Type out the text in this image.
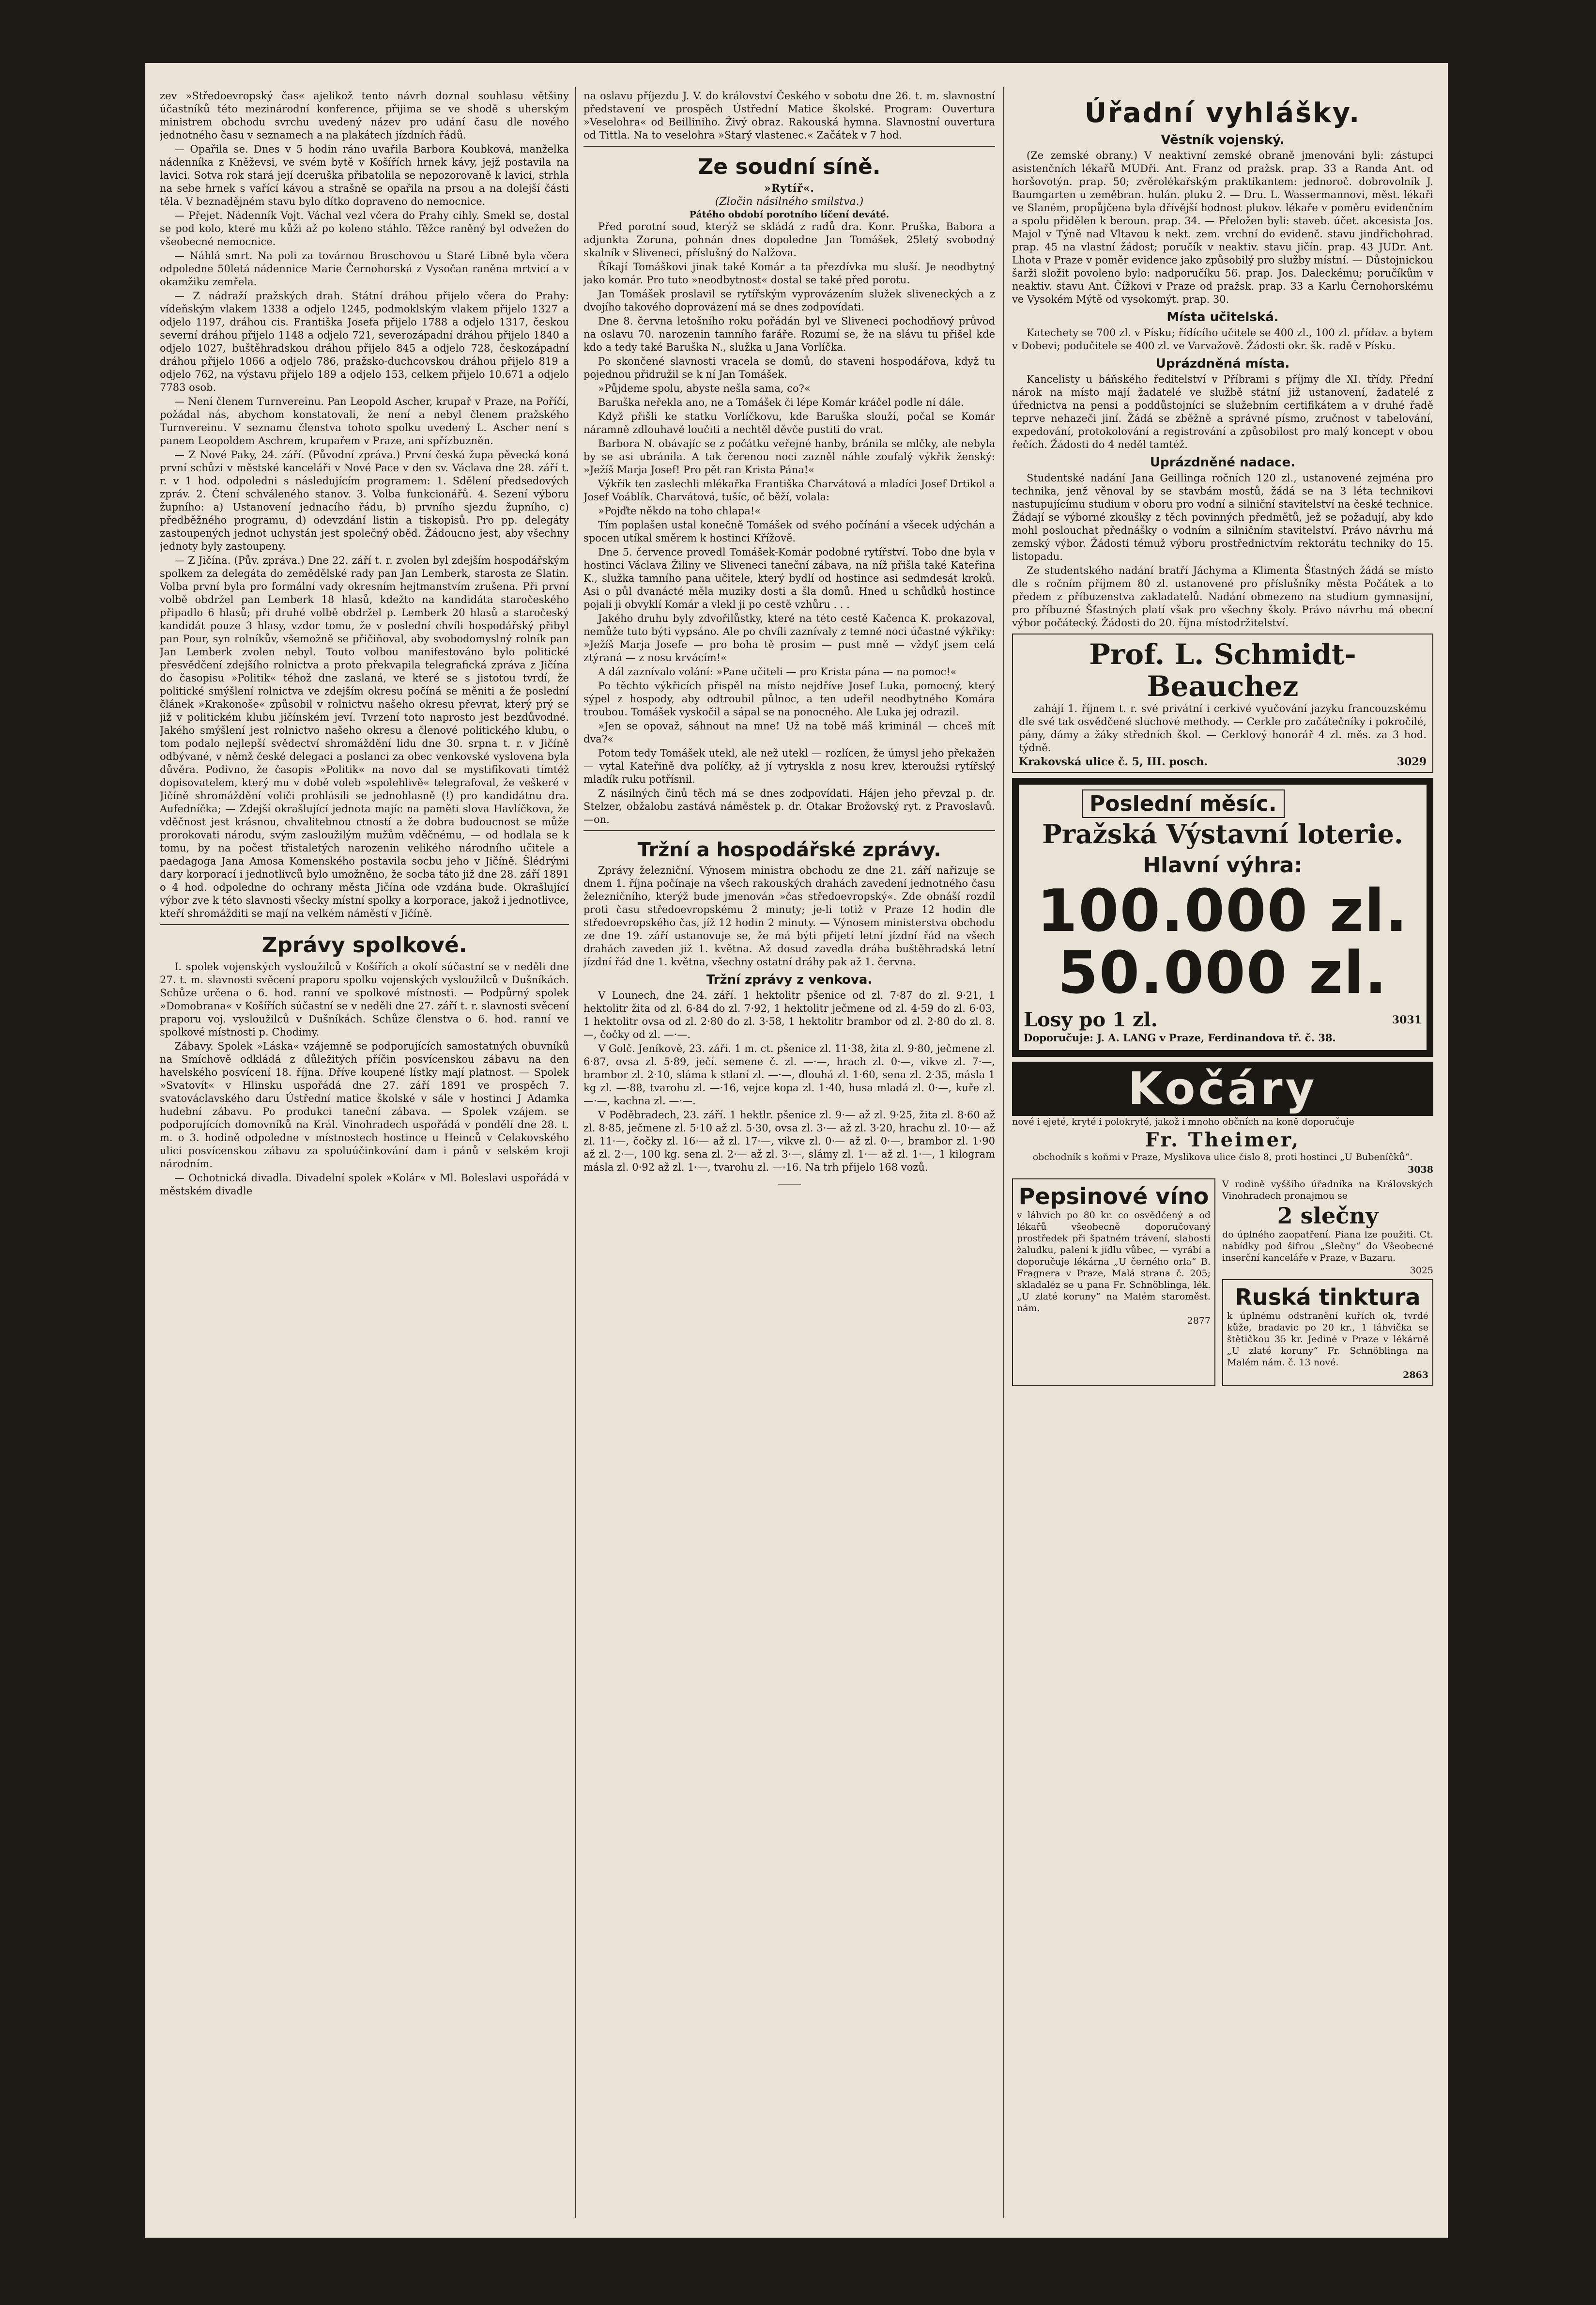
zev »Středoevropský čas« ajelikož tento návrh doznal souhlasu většiny účastníků této mezinárodní konference, přijima se ve shodě s uherským ministrem obchodu svrchu uvedený název pro udání času dle nového jednotného času v seznamech a na plakátech jízdních řádů.

— Opařila se. Dnes v 5 hodin ráno uvařila Barbora Koubková, manželka nádenníka z Kněževsi, ve svém bytě v Košířích hrnek kávy, jejž postavila na lavici. Sotva rok stará její dceruška přibatolila se nepozorovaně k lavici, strhla na sebe hrnek s vařící kávou a strašně se opařila na prsou a na dolejší části těla. V beznadějném stavu bylo dítko dopraveno do nemocnice.

— Přejet. Nádenník Vojt. Váchal vezl včera do Prahy cihly. Smekl se, dostal se pod kolo, které mu kůži až po koleno stáhlo. Těžce raněný byl odvežen do všeobecné nemocnice.

— Náhlá smrt. Na poli za továrnou Broschovou u Staré Libně byla včera odpoledne 50letá nádennice Marie Černohorská z Vysočan raněna mrtvicí a v okamžiku zemřela.

— Z nádraží pražských drah. Státní dráhou přijelo včera do Prahy: vídeňským vlakem 1338 a odjelo 1245, podmoklským vlakem přijelo 1327 a odjelo 1197, dráhou cis. Františka Josefa přijelo 1788 a odjelo 1317, českou severní dráhou přijelo 1148 a odjelo 721, severozápadní dráhou přijelo 1840 a odjelo 1027, buštěhradskou dráhou přijelo 845 a odjelo 728, českozápadní dráhou přijelo 1066 a odjelo 786, pražsko-duchcovskou dráhou přijelo 819 a odjelo 762, na výstavu přijelo 189 a odjelo 153, celkem přijelo 10.671 a odjelo 7783 osob.

— Není členem Turnvereinu. Pan Leopold Ascher, krupař v Praze, na Poříčí, požádal nás, abychom konstatovali, že není a nebyl členem pražského Turnvereinu. V seznamu členstva tohoto spolku uvedený L. Ascher není s panem Leopoldem Aschrem, krupařem v Praze, ani spřízbuzněn.

— Z Nové Paky, 24. září. (Původní zpráva.) První česká župa pěvecká koná první schůzi v městské kanceláři v Nové Pace v den sv. Václava dne 28. září t. r. v 1 hod. odpoledni s následujícím programem: 1. Sdělení předsedových zpráv. 2. Čtení schváleného stanov. 3. Volba funkcionářů. 4. Sezení výboru župního: a) Ustanovení jednacího řádu, b) prvního sjezdu župního, c) předběžného programu, d) odevzdání listin a tiskopisů. Pro pp. delegáty zastoupených jednot uchystán jest společný oběd. Žádoucno jest, aby všechny jednoty byly zastoupeny.

— Z Jičína. (Pův. zpráva.) Dne 22. září t. r. zvolen byl zdejším hospodářským spolkem za delegáta do zemědělské rady pan Jan Lemberk, starosta ze Slatin. Volba první byla pro formální vady okresním hejtmanstvím zrušena. Při první volbě obdržel pan Lemberk 18 hlasů, kdežto na kandidáta staročeského připadlo 6 hlasů; při druhé volbě obdržel p. Lemberk 20 hlasů a staročeský kandidát pouze 3 hlasy, vzdor tomu, že v poslední chvíli hospodářský přibyl pan Pour, syn rolníkův, všemožně se přičiňoval, aby svobodomyslný rolník pan Jan Lemberk zvolen nebyl. Touto volbou manifestováno bylo politické přesvědčení zdejšího rolnictva a proto překvapila telegrafická zpráva z Jičína do časopisu »Politik« téhož dne zaslaná, ve které se s jistotou tvrdí, že politické smýšlení rolnictva ve zdejším okresu počíná se měniti a že poslední článek »Krakonoše« způsobil v rolnictvu našeho okresu převrat, který prý se již v politickém klubu jičínském jeví. Tvrzení toto naprosto jest bezdůvodné. Jakého smýšlení jest rolnictvo našeho okresu a členové politického klubu, o tom podalo nejlepší svědectví shromáždění lidu dne 30. srpna t. r. v Jičíně odbývané, v němž české delegaci a poslanci za obec venkovské vyslovena byla důvěra. Podivno, že časopis »Politik« na novo dal se mystifikovati tímtéž dopisovatelem, který mu v době voleb »spolehlivě« telegrafoval, že veškeré v Jičíně shromáždění voliči prohlásili se jednohlasně (!) pro kandidátnu dra. Aufedníčka; — Zdejší okrašlující jednota majíc na paměti slova Havlíčkova, že vděčnost jest krásnou, chvalitebnou ctností a že dobra budoucnost se může prorokovati národu, svým zasloužilým mužům vděčnému, — od hodlala se k tomu, by na počest třistaletých narozenin velikého národního učitele a paedagoga Jana Amosa Komenského postavila socbu jeho v Jičíně. Šlédrými dary korporací i jednotlivců bylo umožněno, že socba táto již dne 28. září 1891 o 4 hod. odpoledne do ochrany města Jičína ode vzdána bude. Okrašlující výbor zve k této slavnosti všecky místní spolky a korporace, jakož i jednotlivce, kteří shromážditi se mají na velkém náměstí v Jičíně.

Zprávy spolkové.

I. spolek vojenských vysloužilců v Košířích a okolí súčastní se v neděli dne 27. t. m. slavnosti svěcení praporu spolku vojenských vysloužilců v Dušníkách. Schůze určena o 6. hod. ranní ve spolkové místnosti. — Podpůrný spolek »Domobrana« v Košířích súčastní se v neděli dne 27. září t. r. slavnosti svěcení praporu voj. vysloužilců v Dušníkách. Schůze členstva o 6. hod. ranní ve spolkové místnosti p. Chodimy.

Zábavy. Spolek »Láska« vzájemně se podporujících samostatných obuvníků na Smíchově odkládá z důležitých příčin posvícenskou zábavu na den havelského posvícení 18. října. Dříve koupené lístky mají platnost. — Spolek »Svatovít« v Hlinsku uspořádá dne 27. září 1891 ve prospěch 7. svatováclavského daru Ústřední matice školské v sále v hostinci J Adamka hudební zábavu. Po produkci taneční zábava. — Spolek vzájem. se podporujících domovníků na Král. Vinohradech uspořádá v pondělí dne 28. t. m. o 3. hodině odpoledne v místnostech hostince u Heinců v Celakovského ulici posvícenskou zábavu za spoluúčinkování dam i pánů v selském kroji národním.

— Ochotnická divadla. Divadelní spolek »Kolár« v Ml. Boleslavi uspořádá v městském divadle

na oslavu příjezdu J. V. do království Českého v sobotu dne 26. t. m. slavnostní představení ve prospěch Ústřední Matice školské. Program: Ouvertura »Veselohra« od Beilliniho. Živý obraz. Rakouská hymna. Slavnostní ouvertura od Tittla. Na to veselohra »Starý vlastenec.« Začátek v 7 hod.

Ze soudní síně.
»Rytíř«.
(Zločin násilného smilstva.)
Pátého období porotního líčení deváté.

Před porotní soud, kterýž se skládá z radů dra. Konr. Pruška, Babora a adjunkta Zoruna, pohnán dnes dopoledne Jan Tomášek, 25letý svobodný skalník v Sliveneci, příslušný do Nalžova.

Říkají Tomáškovi jinak také Komár a ta přezdívka mu sluší. Je neodbytný jako komár. Pro tuto »neodbytnost« dostal se také před porotu.

Jan Tomášek proslavil se rytířským vyprovázením služek sliveneckých a z dvojího takového doprovázení má se dnes zodpovídati.

Dne 8. června letošního roku pořádán byl ve Sliveneci pochodňový průvod na oslavu 70. narozenin tamního faráře. Rozumí se, že na slávu tu přišel kde kdo a tedy také Baruška N., služka u Jana Vorlíčka.

Po skončené slavnosti vracela se domů, do staveni hospodářova, když tu pojednou přidružil se k ní Jan Tomášek.

»Půjdeme spolu, abyste nešla sama, co?«

Baruška neřekla ano, ne a Tomášek či lépe Komár kráčel podle ní dále.

Když přišli ke statku Vorlíčkovu, kde Baruška slouží, počal se Komár náramně zdlouhavě loučiti a nechtěl děvče pustiti do vrat.

Barbora N. obávajíc se z počátku veřejné hanby, bránila se mlčky, ale nebyla by se asi ubránila. A tak čerenou noci zazněl náhle zoufalý výkřik ženský: »Ježíš Marja Josef! Pro pět ran Krista Pána!«

Výkřik ten zaslechli mlékařka Františka Charvátová a mladíci Josef Drtikol a Josef Voáblík. Charvátová, tušíc, oč běží, volala:

»Pojďte někdo na toho chlapa!«

Tím poplašen ustal konečně Tomášek od svého počínání a všecek udýchán a spocen utíkal směrem k hostinci Křížově.

Dne 5. července provedl Tomášek-Komár podobné rytířství. Tobo dne byla v hostinci Václava Žiliny ve Sliveneci taneční zábava, na níž přišla také Kateřina K., služka tamního pana učitele, který bydlí od hostince asi sedmdesát kroků. Asi o půl dvanácté měla muziky dosti a šla domů. Hned u schůdků hostince pojali ji obvyklí Komár a vlekl ji po cestě vzhůru . . .

Jakého druhu byly zdvořilůstky, které na této cestě Kačenca K. prokazoval, nemůže tuto býti vypsáno. Ale po chvíli zaznívaly z temné noci účastné výkřiky: »Ježíš Marja Josefe — pro boha tě prosim — pust mně — vždyť jsem celá ztýraná — z nosu krvácím!«

A dál zaznívalo volání: »Pane učiteli — pro Krista pána — na pomoc!«

Po těchto výkřicích přispěl na místo nejdříve Josef Luka, pomocný, který sýpel z hospody, aby odtroubil půlnoc, a ten udeřil neodbytného Komára troubou. Tomášek vyskočil a sápal se na ponocného. Ale Luka jej odrazil.

»Jen se opovaž, sáhnout na mne! Už na tobě máš kriminál — chceš mít dva?«

Potom tedy Tomášek utekl, ale než utekl — rozlícen, že úmysl jeho překažen — vytal Kateřině dva políčky, až jí vytryskla z nosu krev, kteroužsi rytířský mladík ruku potřísnil.

Z násilných činů těch má se dnes zodpovídati. Hájen jeho převzal p. dr. Stelzer, obžalobu zastává náměstek p. dr. Otakar Brožovský ryt. z Pravoslavů. —on.

Tržní a hospodářské zprávy.

Zprávy železniční. Výnosem ministra obchodu ze dne 21. září nařizuje se dnem 1. října počínaje na všech rakouských drahách zavedení jednotného času železničního, kterýž bude jmenován »čas středoevropský«. Zde obnáší rozdíl proti času středoevropskému 2 minuty; je-li totiž v Praze 12 hodin dle středoevropského čas, jíž 12 hodin 2 minuty. — Výnosem ministerstva obchodu ze dne 19. září ustanovuje se, že má býti přijetí letní jízdní řád na všech drahách zaveden již 1. května. Až dosud zavedla dráha buštěhradská letní jízdní řád dne 1. května, všechny ostatní dráhy pak až 1. června.

Tržní zprávy z venkova.

V Lounech, dne 24. září. 1 hektolitr pšenice od zl. 7·87 do zl. 9·21, 1 hektolitr žita od zl. 6·84 do zl. 7·92, 1 hektolitr ječmene od zl. 4·59 do zl. 6·03, 1 hektolitr ovsa od zl. 2·80 do zl. 3·58, 1 hektolitr brambor od zl. 2·80 do zl. 8.—, čočky od zl. —·—.

V Golč. Jeníkově, 23. září. 1 m. ct. pšenice zl. 11·38, žita zl. 9·80, ječmene zl. 6·87, ovsa zl. 5·89, ječí. semene č. zl. —·—, hrach zl. 0·—, vikve zl. 7·—, brambor zl. 2·10, sláma k stlaní zl. —·—, dlouhá zl. 1·60, sena zl. 2·35, másla 1 kg zl. —·88, tvarohu zl. —·16, vejce kopa zl. 1·40, husa mladá zl. 0·—, kuře zl. —·—, kachna zl. —·—.

V Poděbradech, 23. září. 1 hektlr. pšenice zl. 9·— až zl. 9·25, žita zl. 8·60 až zl. 8·85, ječmene zl. 5·10 až zl. 5·30, ovsa zl. 3·— až zl. 3·20, hrachu zl. 10·— až zl. 11·—, čočky zl. 16·— až zl. 17·—, vikve zl. 0·— až zl. 0·—, brambor zl. 1·90 až zl. 2·—, 100 kg. sena zl. 2·— až zl. 3·—, slámy zl. 1·— až zl. 1·—, 1 kilogram másla zl. 0·92 až zl. 1·—, tvarohu zl. —·16. Na trh přijelo 168 vozů.

―――
Úřadní vyhlášky.
Věstník vojenský.

(Ze zemské obrany.) V neaktivní zemské obraně jmenováni byli: zástupci asistenčních lékařů MUDři. Ant. Franz od pražsk. prap. 33 a Randa Ant. od horšovotýn. prap. 50; zvěrolékařským praktikantem: jednoroč. dobrovolník J. Baumgarten u zeměbran. hulán. pluku 2. — Dru. L. Wassermannovi, měst. lékaři ve Slaném, propůjčena byla dřívější hodnost plukov. lékaře v poměru evidenčním a spolu přidělen k beroun. prap. 34. — Přeložen byli: staveb. účet. akcesista Jos. Majol v Týně nad Vltavou k nekt. zem. vrchní do evidenč. stavu jindřichohrad. prap. 45 na vlastní žádost; poručík v neaktiv. stavu jičín. prap. 43 JUDr. Ant. Lhota v Praze v poměr evidence jako způsobilý pro služby místní. — Důstojnickou šarži složit povoleno bylo: nadporučíku 56. prap. Jos. Daleckému; poručíkům v neaktiv. stavu Ant. Čížkovi v Praze od pražsk. prap. 33 a Karlu Černohorskému ve Vysokém Mýtě od vysokomýt. prap. 30.

Místa učitelská.

Katechety se 700 zl. v Písku; řídícího učitele se 400 zl., 100 zl. přídav. a bytem v Dobevi; podučitele se 400 zl. ve Varvažově. Žádosti okr. šk. radě v Písku.

Uprázdněná místa.

Kancelisty u báňského ředitelství v Příbrami s příjmy dle XI. třídy. Přední nárok na místo mají žadatelé ve službě státní již ustanovení, žadatelé z úřednictva na pensi a poddůstojníci se služebním certifikátem a v druhé řadě teprve nehazeči jiní. Žádá se zběžně a správné písmo, zručnost v tabelování, expedování, protokolování a registrování a způsobilost pro malý koncept v obou řečích. Žádosti do 4 neděl tamtéž.

Uprázdněné nadace.

Studentské nadání Jana Geillinga ročních 120 zl., ustanovené zejména pro technika, jenž věnoval by se stavbám mostů, žádá se na 3 léta technikovi nastupujícímu studium v oboru pro vodní a silniční stavitelství na české technice. Žádají se výborné zkoušky z těch povinných předmětů, jež se požadují, aby kdo mohl poslouchat přednášky o vodním a silničním stavitelství. Právo návrhu má zemský výbor. Žádosti témuž výboru prostřednictvím rektorátu techniky do 15. listopadu.

Ze studentského nadání bratří Jáchyma a Klimenta Šťastných žádá se místo dle s ročním příjmem 80 zl. ustanovené pro příslušníky města Počátek a to předem z příbuzenstva zakladatelů. Nadání obmezeno na studium gymnasijní, pro příbuzné Šťastných platí však pro všechny školy. Právo návrhu má obecní výbor počátecký. Žádosti do 20. října místodržitelství.

Prof. L. Schmidt-Beauchez

zahájí 1. říjnem t. r. své privátní i cerkivé vyučování jazyku francouzskému dle své tak osvědčené sluchové methody. — Cerkle pro začátečníky i pokročilé, pány, dámy a žáky středních škol. — Cerklový honorář 4 zl. měs. za 3 hod. týdně.

Krakovská ulice č. 5, III. posch.	3029
Poslední měsíc.
Pražská Výstavní loterie.
Hlavní výhra:
100.000 zl.
50.000 zl.
Losy po 1 zl.	3031

Doporučuje: J. A. LANG v Praze, Ferdinandova tř. č. 38.

Kočáry

nové i ejeté, kryté i polokryté, jakož i mnoho občních na koně doporučuje

Fr. Theimer,

obchodník s koňmi v Praze, Myslíkova ulice číslo 8, proti hostinci „U Bubeníčků“.

3038
Pepsinové víno

v láhvích po 80 kr. co osvědčený a od lékařů všeobecně doporučovaný prostředek při špatném trávení, slabosti žaludku, palení k jídlu vůbec, — vyrábí a doporučuje lékárna „U černého orla“ B. Fragnera v Praze, Malá strana č. 205; skladaléz se u pana Fr. Schnöblinga, lék. „U zlaté koruny“ na Malém staroměst. nám.

2877

V rodině vyššího úřadníka na Královských Vinohradech pronajmou se

2 slečny

do úplného zaopatření. Piana lze použiti. Ct. nabídky pod šifrou „Slečny“ do Všeobecné inserční kanceláře v Praze, v Bazaru.

3025
Ruská tinktura

k úplnému odstranění kuřích ok, tvrdé kůže, bradavic po 20 kr., 1 láhvička se štětičkou 35 kr. Jediné v Praze v lékárně „U zlaté koruny“ Fr. Schnöblinga na Malém nám. č. 13 nové.

2863
